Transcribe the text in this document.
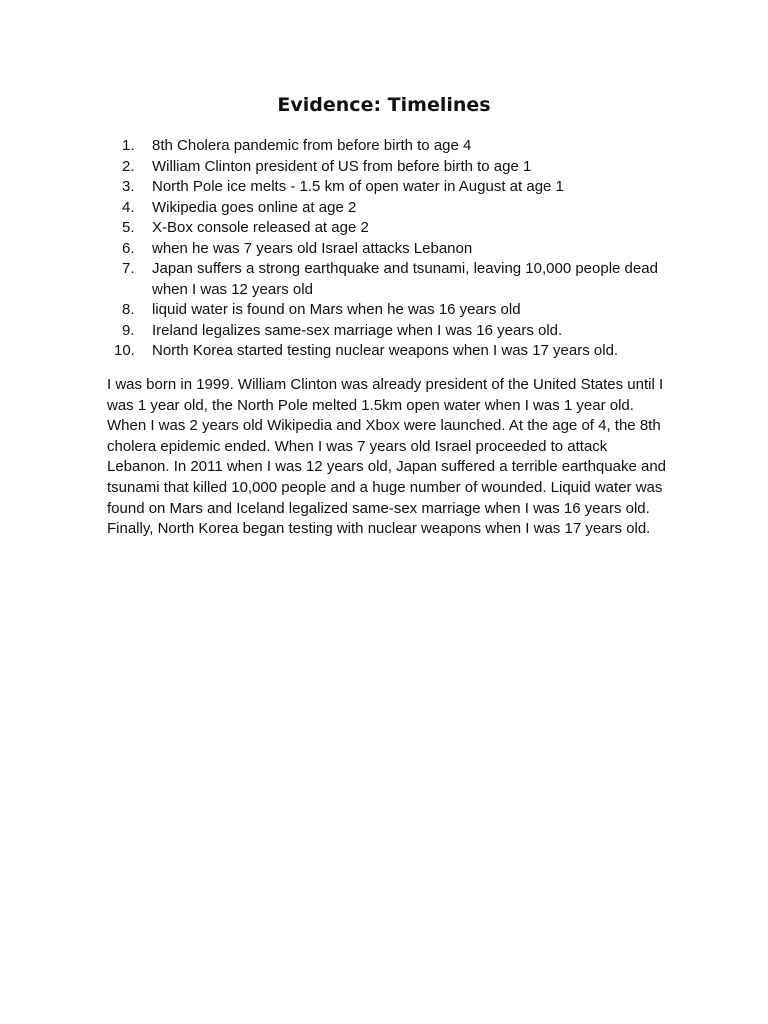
Evidence: Timelines
1.	8th Cholera pandemic from before birth to age 4
2.	William Clinton president of US from before birth to age 1
3.	North Pole ice melts - 1.5 km of open water in August at age 1
4.	Wikipedia goes online at age 2
5.	X-Box console released at age 2
6.	when he was 7 years old Israel attacks Lebanon
7.	Japan suffers a strong earthquake and tsunami, leaving 10,000 people dead when I was 12 years old
8.	liquid water is found on Mars when he was 16 years old
9.	Ireland legalizes same-sex marriage when I was 16 years old.
10.	North Korea started testing nuclear weapons when I was 17 years old.

I was born in 1999. William Clinton was already president of the United States until I was 1 year old, the North Pole melted 1.5km open water when I was 1 year old. When I was 2 years old Wikipedia and Xbox were launched. At the age of 4, the 8th cholera epidemic ended. When I was 7 years old Israel proceeded to attack Lebanon. In 2011 when I was 12 years old, Japan suffered a terrible earthquake and tsunami that killed 10,000 people and a huge number of wounded. Liquid water was found on Mars and Iceland legalized same-sex marriage when I was 16 years old. Finally, North Korea began testing with nuclear weapons when I was 17 years old.
